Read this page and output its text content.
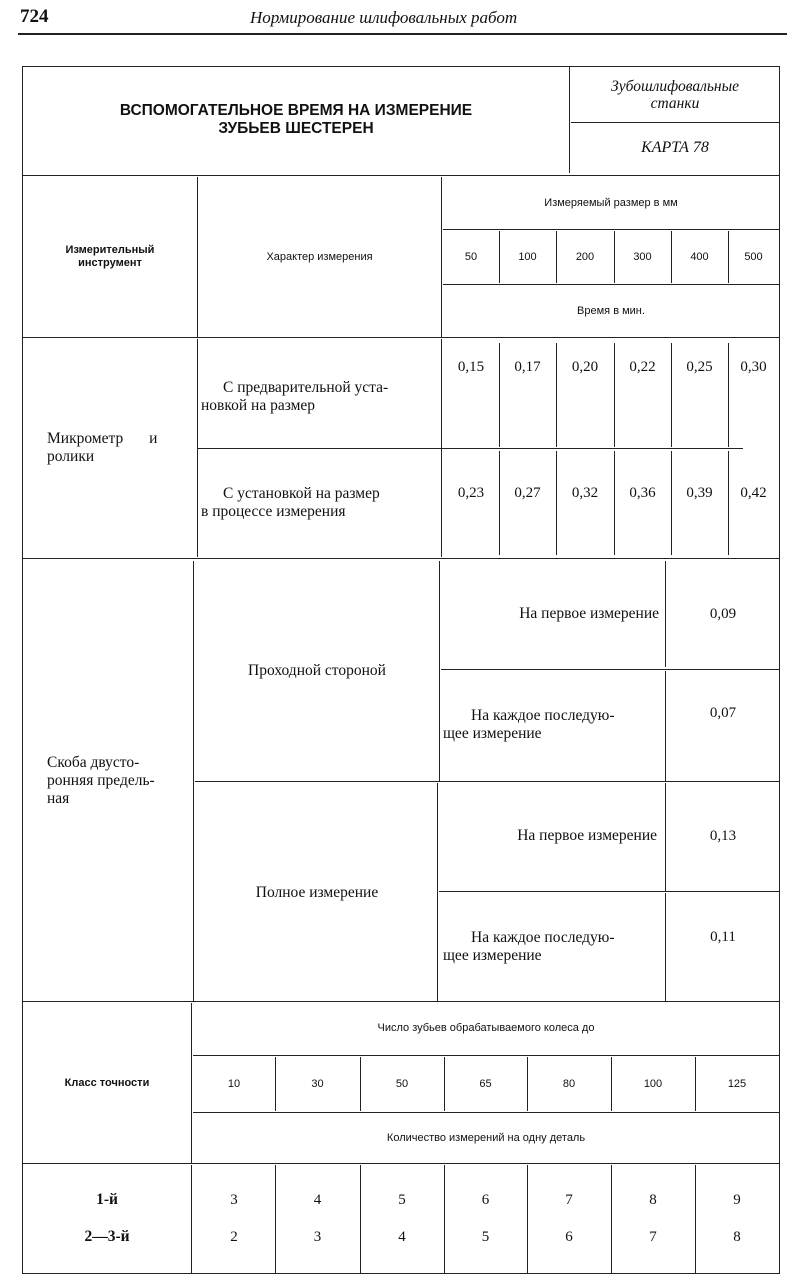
724	Нормирование шлифовальных работ
ВСПОМОГАТЕЛЬНОЕ ВРЕМЯ НА ИЗМЕРЕНИЕ
ЗУБЬЕВ ШЕСТЕРЕН
Зубошлифовальные
станки
КАРТА 78
Измерительный
инструмент	Характер измерения
Измеряемый размер в мм
50	100	200	300	400	500
Время в мин.
Микрометр и
ролики
С предварительной уста-
новкой на размер
0,15	0,17	0,20	0,22	0,25	0,30
С установкой на размер
в процессе измерения
0,23	0,27	0,32	0,36	0,39	0,42
Скоба двусто-
ронняя предель-
ная
Проходной стороной
На первое измерение	0,09
На каждое последую-
щее измерение
0,07
Полное измерение
На первое измерение	0,13
На каждое последую-
щее измерение
0,11
Класс точности
Число зубьев обрабатываемого колеса до
10	30	50	65	80	100	125
Количество измерений на одну деталь
1-й	3	4	5	6	7	8	9
2—3-й	2	3	4	5	6	7	8
